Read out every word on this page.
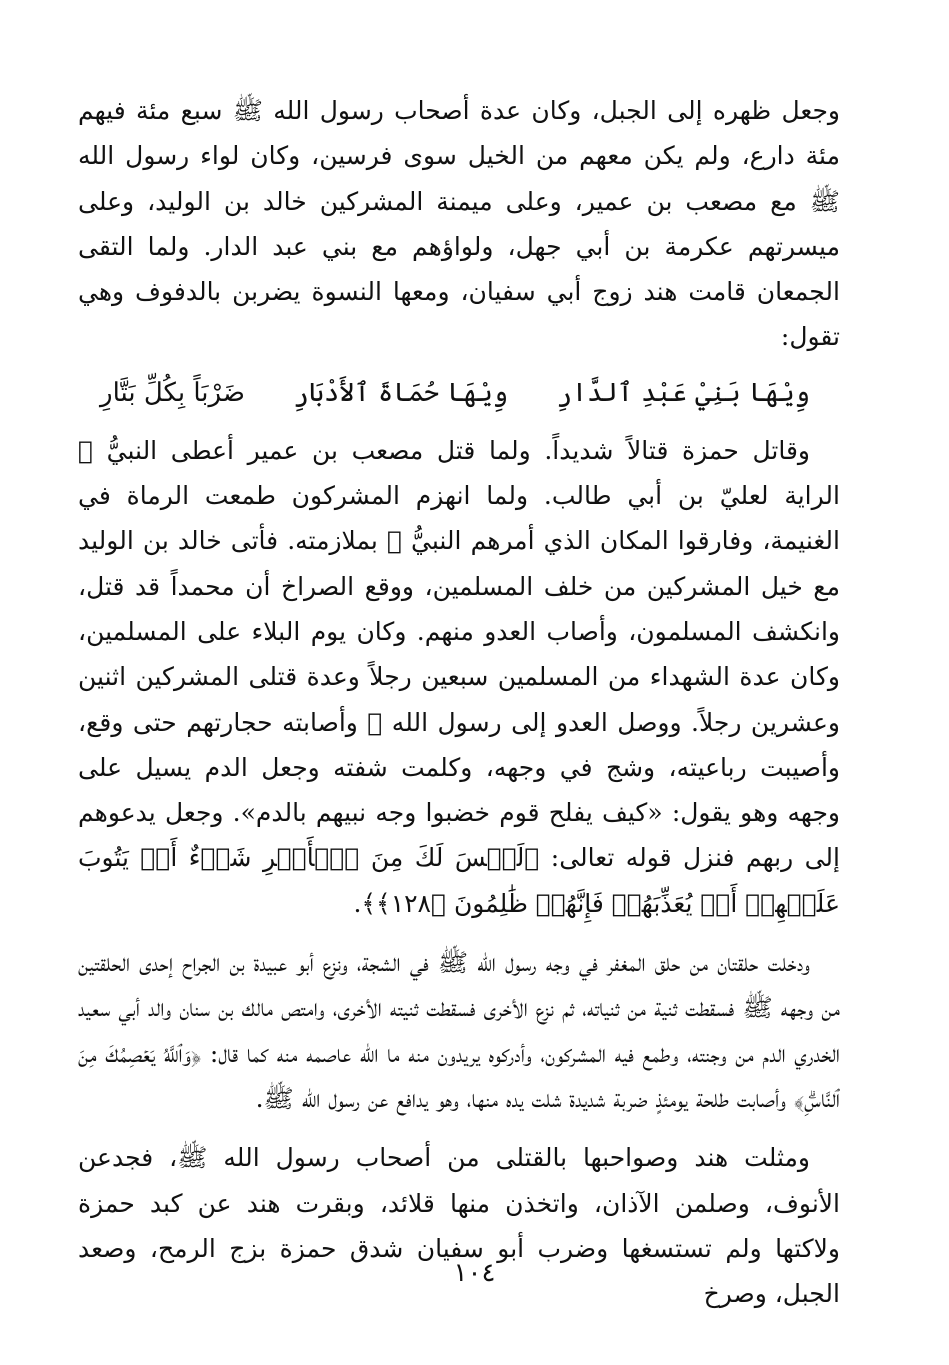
وجعل ظهره إلى الجبل، وكان عدة أصحاب رسول الله ﷺ سبع مئة فيهم مئة دارع، ولم يكن معهم من الخيل سوى فرسين، وكان لواء رسول الله ﷺ مع مصعب بن عمير، وعلى ميمنة المشركين خالد بن الوليد، وعلى ميسرتهم عكرمة بن أبي جهل، ولواؤهم مع بني عبد الدار. ولما التقى الجمعان قامت هند زوج أبي سفيان، ومعها النسوة يضربن بالدفوف وهي تقول:

وِيْهَا بَنِيْ عَبْدِ ٱلدَّارِ
وِيْهَا حُمَاةَ ٱلأَدْبَارِ
ضَرْبَاً بِكُلِّ بَتَّارِ

وقاتل حمزة قتالاً شديداً. ولما قتل مصعب بن عمير أعطى النبيُّ ﷺ الراية لعليّ بن أبي طالب. ولما انهزم المشركون طمعت الرماة في الغنيمة، وفارقوا المكان الذي أمرهم النبيُّ ﷺ بملازمته. فأتى خالد بن الوليد مع خيل المشركين من خلف المسلمين، ووقع الصراخ أن محمداً قد قتل، وانكشف المسلمون، وأصاب العدو منهم. وكان يوم البلاء على المسلمين، وكان عدة الشهداء من المسلمين سبعين رجلاً وعدة قتلى المشركين اثنين وعشرين رجلاً. ووصل العدو إلى رسول الله ﷺ وأصابته حجارتهم حتى وقع، وأصيبت رباعيته، وشج في وجهه، وكلمت شفته وجعل الدم يسيل على وجهه وهو يقول: «كيف يفلح قوم خضبوا وجه نبيهم بالدم». وجعل يدعوهم إلى ربهم فنزل قوله تعالى: ﴿لَيۡسَ لَكَ مِنَ ٱلۡأَمۡرِ شَيۡءٌ أَوۡ يَتُوبَ عَلَيۡهِمۡ أَوۡ يُعَذِّبَهُمۡ فَإِنَّهُمۡ ظَٰلِمُونَ ﴿١٢٨﴾﴾.

ودخلت حلقتان من حلق المغفر في وجه رسول الله ﷺ في الشجة، ونزع أبو عبيدة بن الجراح إحدى الحلقتين من وجهه ﷺ فسقطت ثنية من ثنياته، ثم نزع الأخرى فسقطت ثنيته الأخرى، وامتص مالك بن سنان والد أبي سعيد الخدري الدم من وجنته، وطمع فيه المشركون، وأدركوه يريدون منه ما الله عاصمه منه كما قال: ﴿وَٱللَّهُ يَعۡصِمُكَ مِنَ ٱلنَّاسِۗ﴾ وأصابت طلحة يومئذٍ ضربة شديدة شلت يده منها، وهو يدافع عن رسول الله ﷺ.

ومثلت هند وصواحبها بالقتلى من أصحاب رسول الله ﷺ، فجدعن الأنوف، وصلمن الآذان، واتخذن منها قلائد، وبقرت هند عن كبد حمزة ولاكتها ولم تستسغها وضرب أبو سفيان شدق حمزة بزج الرمح، وصعد الجبل، وصرخ

١٠٤
